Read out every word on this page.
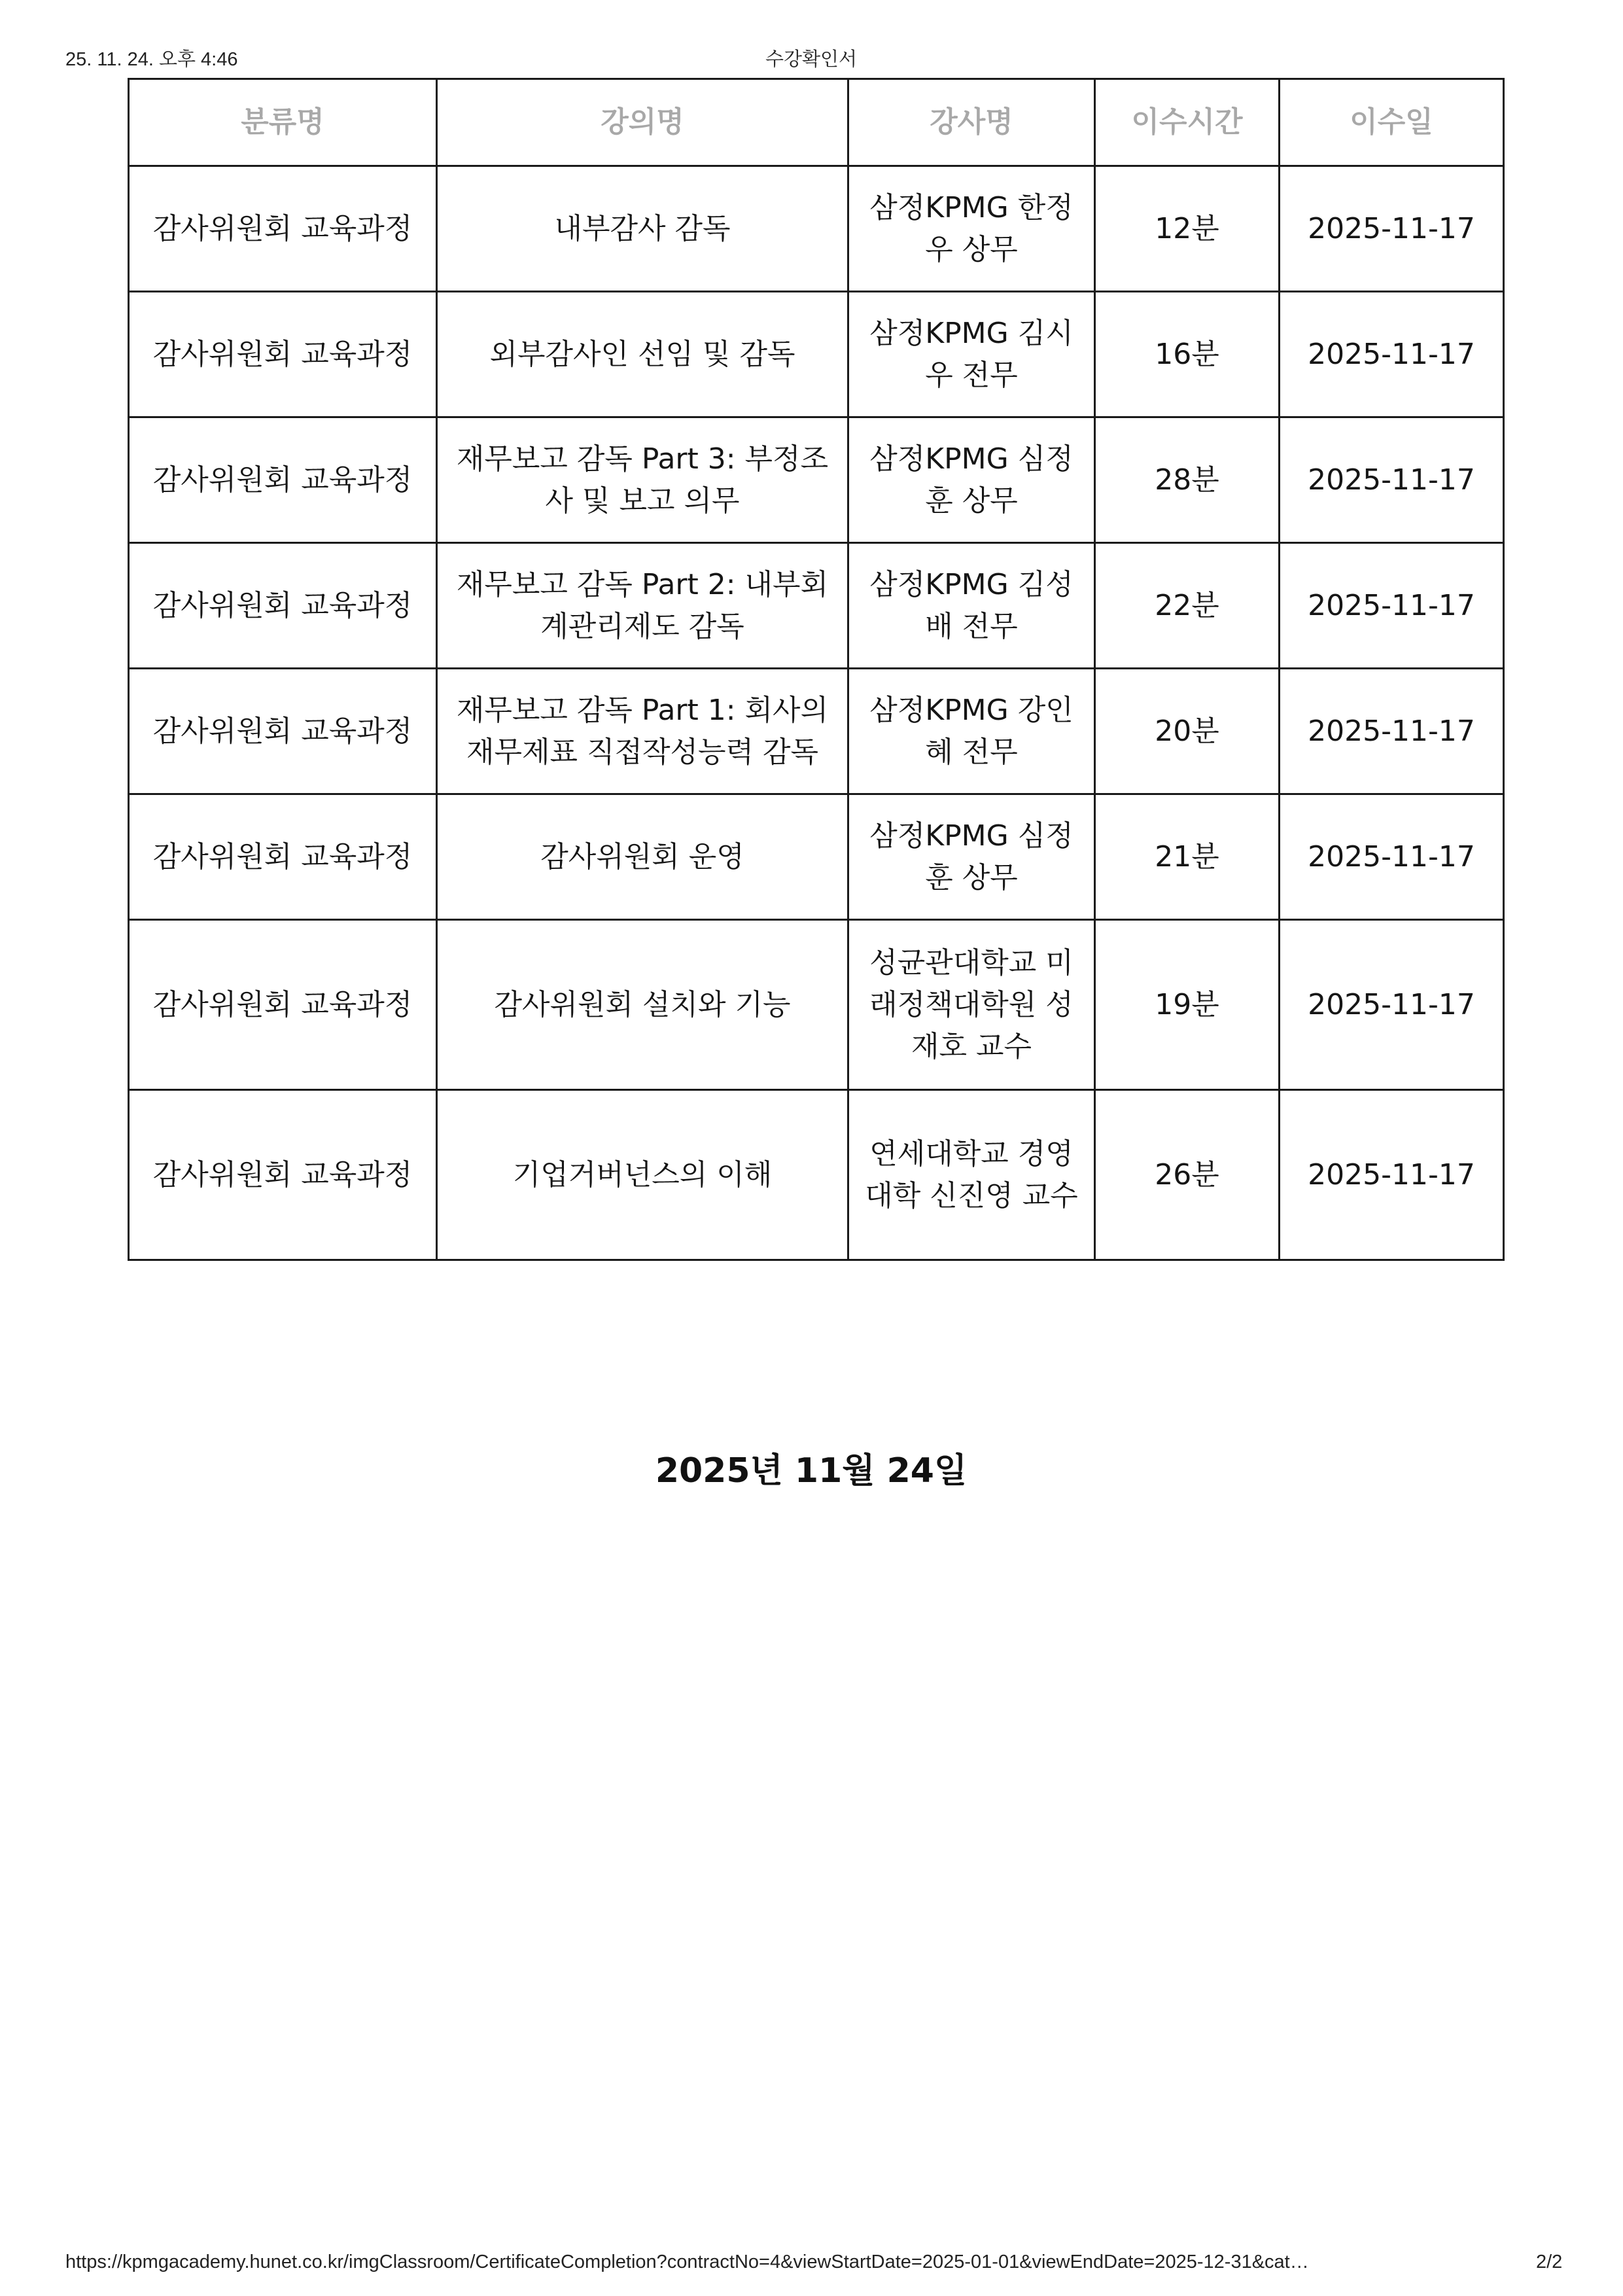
25. 11. 24. 오후 4:46	수강확인서
분류명	강의명	강사명	이수시간	이수일
감사위원회 교육과정	내부감사 감독	삼정KPMG 한정우 상무	12분	2025-11-17
감사위원회 교육과정	외부감사인 선임 및 감독	삼정KPMG 김시우 전무	16분	2025-11-17
감사위원회 교육과정	재무보고 감독 Part 3: 부정조사 및 보고 의무	삼정KPMG 심정훈 상무	28분	2025-11-17
감사위원회 교육과정	재무보고 감독 Part 2: 내부회계관리제도 감독	삼정KPMG 김성배 전무	22분	2025-11-17
감사위원회 교육과정	재무보고 감독 Part 1: 회사의 재무제표 직접작성능력 감독	삼정KPMG 강인혜 전무	20분	2025-11-17
감사위원회 교육과정	감사위원회 운영	삼정KPMG 심정훈 상무	21분	2025-11-17
감사위원회 교육과정	감사위원회 설치와 기능	성균관대학교 미래정책대학원 성재호 교수	19분	2025-11-17
감사위원회 교육과정	기업거버넌스의 이해	연세대학교 경영대학 신진영 교수	26분	2025-11-17
2025년 11월 24일
https://kpmgacademy.hunet.co.kr/imgClassroom/CertificateCompletion?contractNo=4&viewStartDate=2025-01-01&viewEndDate=2025-12-31&cat…	2/2
